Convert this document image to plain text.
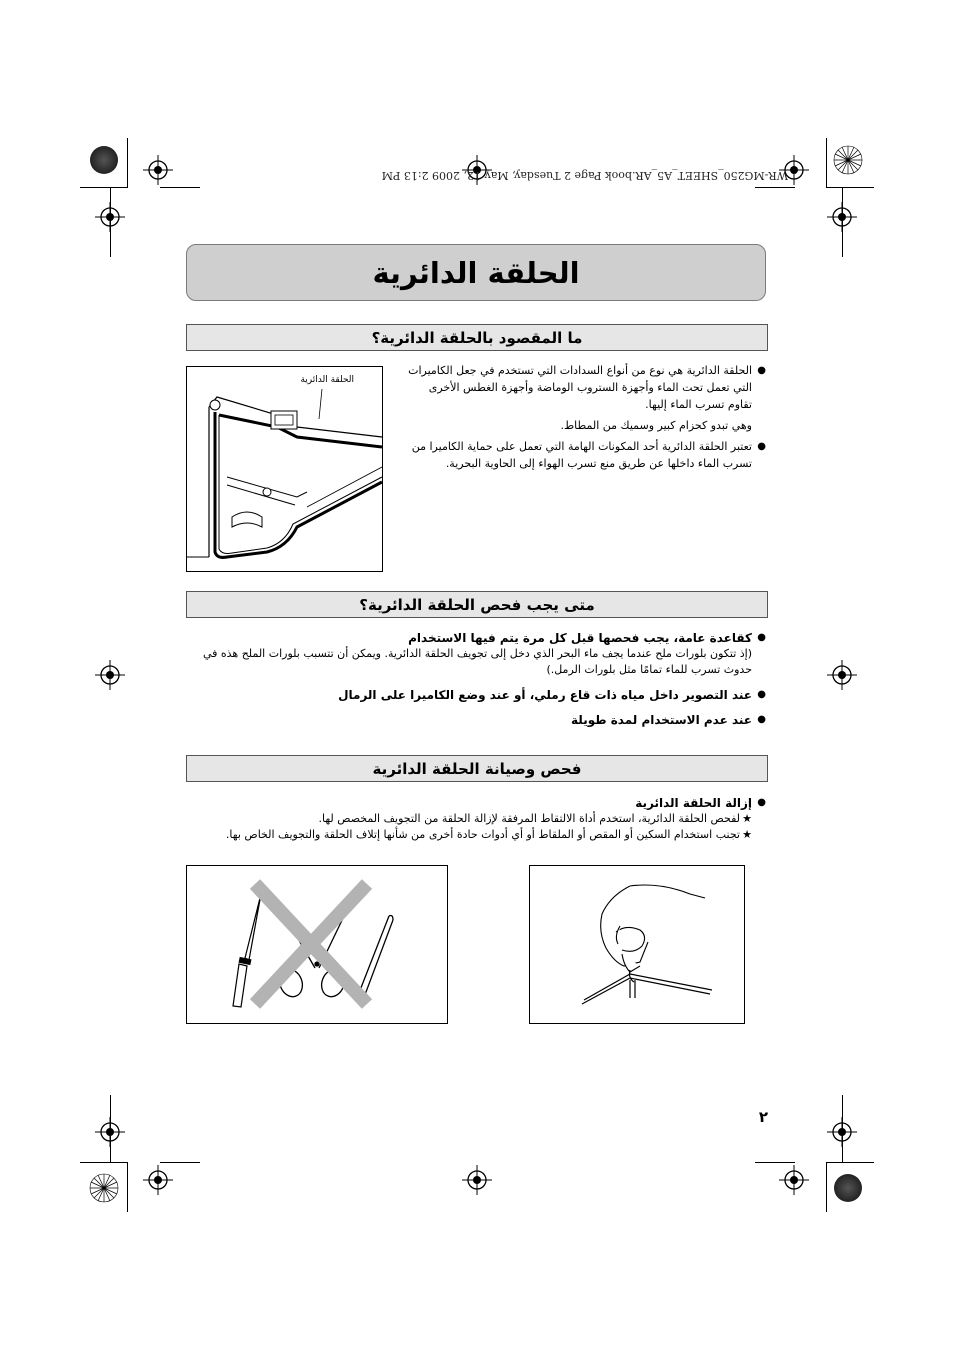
WR-MG250_SHEET_A5_AR.book Page 2 Tuesday, May 12, 2009 2:13 PM
الحلقة الدائرية
ما المقصود بالحلقة الدائرية؟
● الحلقة الدائرية هي نوع من أنواع السدادات التي تستخدم في جعل الكاميرات التي تعمل تحت الماء وأجهزة الستروب الوماضة وأجهزة الغطس الأخرى تقاوم تسرب الماء إليها.
وهي تبدو كحزام كبير وسميك من المطاط.
● تعتبر الحلقة الدائرية أحد المكونات الهامة التي تعمل على حماية الكاميرا من تسرب الماء داخلها عن طريق منع تسرب الهواء إلى الحاوية البحرية.
الحلقة الدائرية
متى يجب فحص الحلقة الدائرية؟
● كقاعدة عامة، يجب فحصها قبل كل مرة يتم فيها الاستخدام
(إذ تتكون بلورات ملح عندما يجف ماء البحر الذي دخل إلى تجويف الحلقة الدائرية. ويمكن أن تتسبب بلورات الملح هذه في حدوث تسرب للماء تمامًا مثل بلورات الرمل.)
● عند التصوير داخل مياه ذات قاع رملي، أو عند وضع الكاميرا على الرمال
● عند عدم الاستخدام لمدة طويلة
فحص وصيانة الحلقة الدائرية
● إزالة الحلقة الدائرية
★
لفحص الحلقة الدائرية، استخدم أداة الالتقاط المرفقة لإزالة الحلقة من التجويف المخصص لها.
★
تجنب استخدام السكين أو المقص أو الملقاط أو أي أدوات حادة أخرى من شأنها إتلاف الحلقة والتجويف الخاص بها.
٢
